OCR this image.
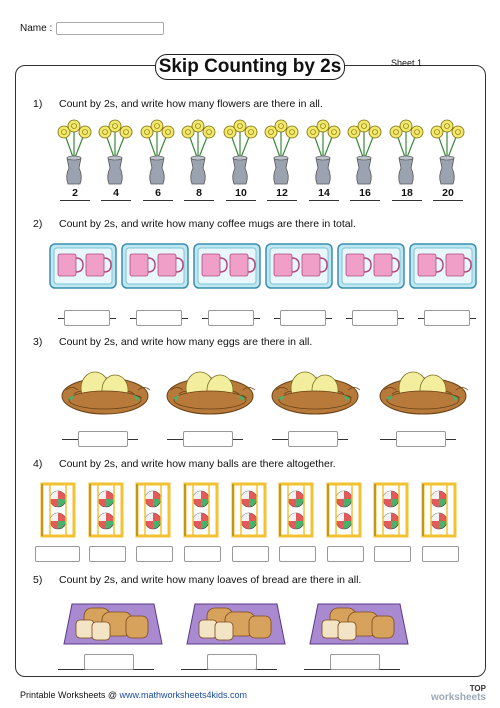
Name :
Skip Counting by 2s	Sheet 1
1) Count by 2s, and write how many flowers are there in all.
2) Count by 2s, and write how many coffee mugs are there in total.
3) Count by 2s, and write how many eggs are there in all.
4) Count by 2s, and write how many balls are there altogether.
5) Count by 2s, and write how many loaves of bread are there in all.
Printable Worksheets @ www.mathworksheets4kids.com
TOP
worksheets
2	4	6	8	10	12	14	16	18	20
